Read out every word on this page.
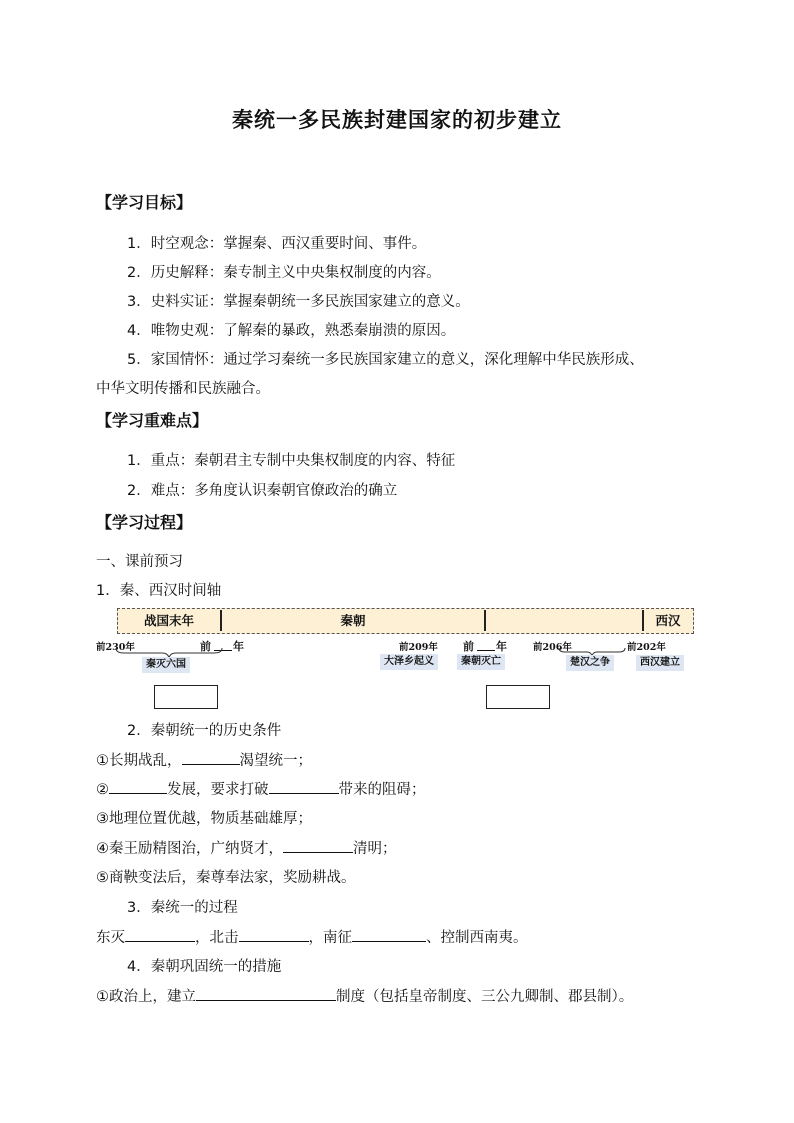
秦统一多民族封建国家的初步建立
【学习目标】
1．时空观念：掌握秦、西汉重要时间、事件。
2．历史解释：秦专制主义中央集权制度的内容。
3．史料实证：掌握秦朝统一多民族国家建立的意义。
4．唯物史观：了解秦的暴政，熟悉秦崩溃的原因。
5．家国情怀：通过学习秦统一多民族国家建立的意义，深化理解中华民族形成、
中华文明传播和民族融合。
【学习重难点】
1．重点：秦朝君主专制中央集权制度的内容、特征
2．难点：多角度认识秦朝官僚政治的确立
【学习过程】
一、课前预习
1．秦、西汉时间轴
战国末年	秦朝	西汉
前230年	前 年
秦灭六国
前209年
大泽乡起义
前 年
秦朝灭亡
前206年
楚汉之争
前202年
西汉建立
2．秦朝统一的历史条件
①长期战乱，	渴望统一；
②	发展，要求打破	带来的阻碍；
③地理位置优越，物质基础雄厚；
④秦王励精图治，广纳贤才，	清明；
⑤商鞅变法后，秦尊奉法家，奖励耕战。
3．秦统一的过程
东灭	，北击	，南征	、控制西南夷。
4．秦朝巩固统一的措施
①政治上，建立	制度（包括皇帝制度、三公九卿制、郡县制）。
